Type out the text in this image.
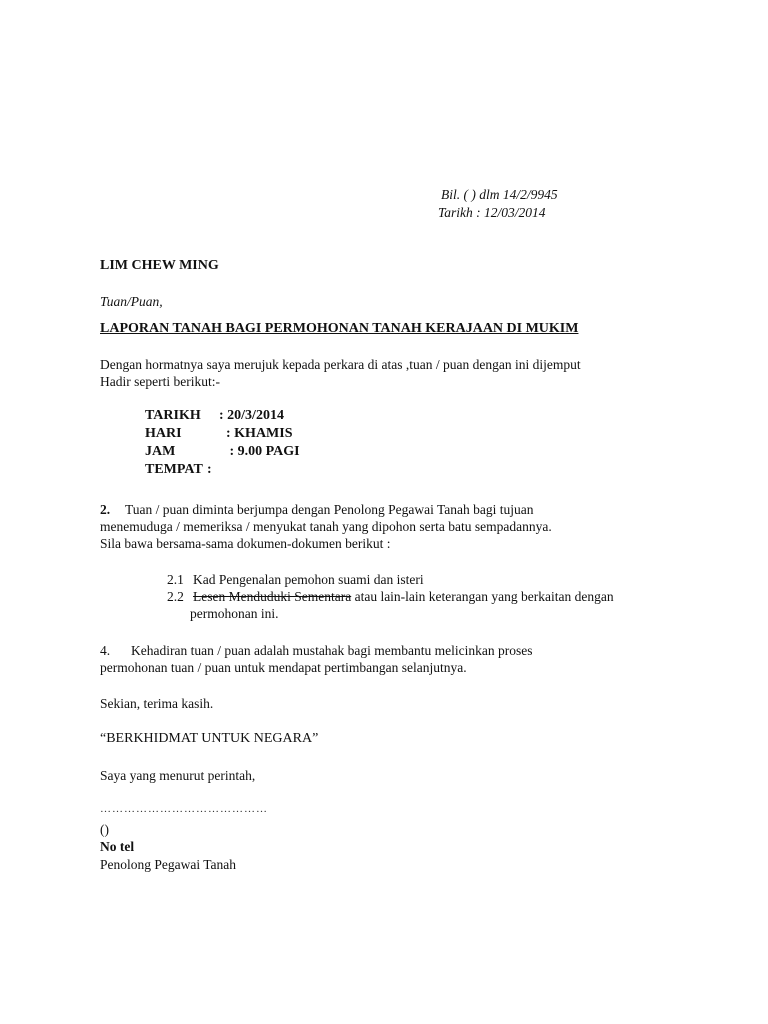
Bil. ( ) dlm 14/2/9945
Tarikh : 12/03/2014
LIM CHEW MING
Tuan/Puan,
LAPORAN TANAH BAGI PERMOHONAN TANAH KERAJAAN DI MUKIM
Dengan hormatnya saya merujuk kepada perkara di atas ,tuan / puan dengan ini dijemput
Hadir seperti berikut:-
TARIKH : 20/3/2014
HARI	: KHAMIS
JAM	: 9.00 PAGI
TEMPAT :
2. Tuan / puan diminta berjumpa dengan Penolong Pegawai Tanah bagi tujuan
menemuduga / memeriksa / menyukat tanah yang dipohon serta batu sempadannya.
Sila bawa bersama-sama dokumen-dokumen berikut :
2.1 Kad Pengenalan pemohon suami dan isteri
2.2 Lesen Menduduki Sementara atau lain-lain keterangan yang berkaitan dengan
permohonan ini.
4. Kehadiran tuan / puan adalah mustahak bagi membantu melicinkan proses
permohonan tuan / puan untuk mendapat pertimbangan selanjutnya.
Sekian, terima kasih.
“BERKHIDMAT UNTUK NEGARA”
Saya yang menurut perintah,
……………………………………
()
No tel
Penolong Pegawai Tanah
